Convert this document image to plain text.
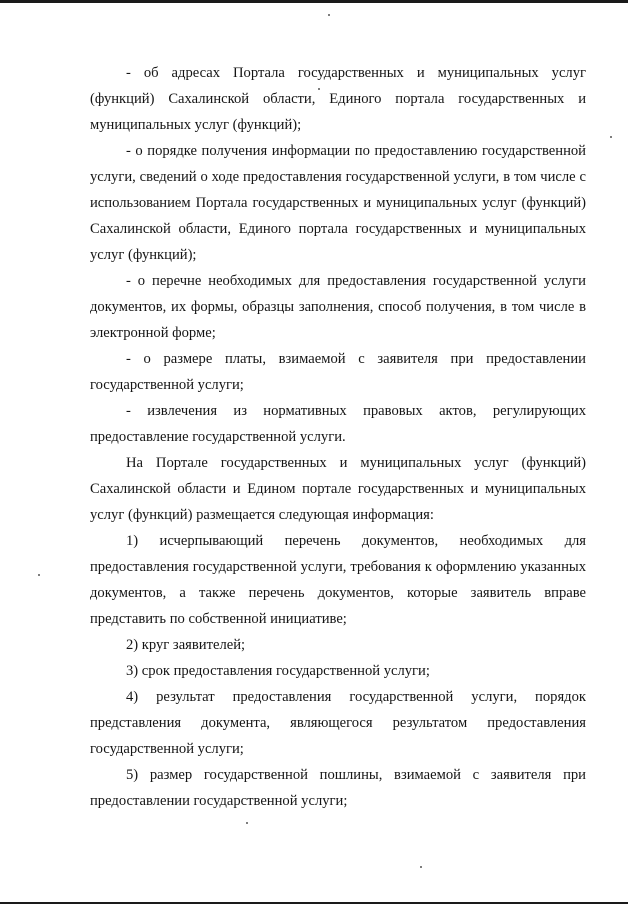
- об адресах Портала государственных и муниципальных услуг (функций) Сахалинской области, Единого портала государственных и муниципальных услуг (функций);

- о порядке получения информации по предоставлению государственной услуги, сведений о ходе предоставления государственной услуги, в том числе с использованием Портала государственных и муниципальных услуг (функций) Сахалинской области, Единого портала государственных и муниципальных услуг (функций);

- о перечне необходимых для предоставления государственной услуги документов, их формы, образцы заполнения, способ получения, в том числе в электронной форме;

- о размере платы, взимаемой с заявителя при предоставлении государственной услуги;

- извлечения из нормативных правовых актов, регулирующих предоставление государственной услуги.

На Портале государственных и муниципальных услуг (функций) Сахалинской области и Едином портале государственных и муниципальных услуг (функций) размещается следующая информация:

1) исчерпывающий перечень документов, необходимых для предоставления государственной услуги, требования к оформлению указанных документов, а также перечень документов, которые заявитель вправе представить по собственной инициативе;

2) круг заявителей;

3) срок предоставления государственной услуги;

4) результат предоставления государственной услуги, порядок представления документа, являющегося результатом предоставления государственной услуги;

5) размер государственной пошлины, взимаемой с заявителя при предоставлении государственной услуги;
